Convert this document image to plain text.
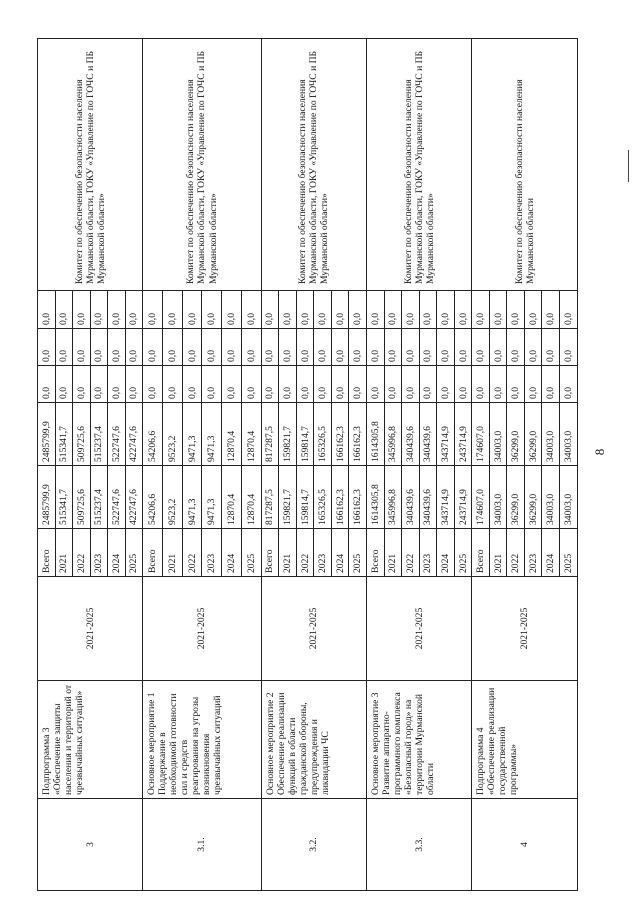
8
3	Подпрограмма 3 «Обеспечение защиты населения и территорий от чрезвычайных ситуаций»	2021-2025	Всего	2485799,9	2485799,9	0,0	0,0	0,0	Комитет по обеспечению безопасности населения Мурманской области, ГОКУ «Управление по ГОЧС и ПБ Мурманской области»
			2021	515341,7	515341,7	0,0	0,0	0,0	
			2022	509725,6	509725,6	0,0	0,0	0,0	
			2023	515237,4	515237,4	0,0	0,0	0,0	
			2024	522747,6	522747,6	0,0	0,0	0,0	
			2025	422747,6	422747,6	0,0	0,0	0,0	
3.1.	Основное мероприятие 1 Поддержание в необходимой готовности сил и средств реагирования на угрозы возникновения чрезвычайных ситуаций	2021-2025	Всего	54206,6	54206,6	0,0	0,0	0,0	Комитет по обеспечению безопасности населения Мурманской области, ГОКУ «Управление по ГОЧС и ПБ Мурманской области»
			2021	9523,2	9523,2	0,0	0,0	0,0	
			2022	9471,3	9471,3	0,0	0,0	0,0	
			2023	9471,3	9471,3	0,0	0,0	0,0	
			2024	12870,4	12870,4	0,0	0,0	0,0	
			2025	12870,4	12870,4	0,0	0,0	0,0	
3.2.	Основное мероприятие 2 Обеспечение реализации функций в области гражданской обороны, предупреждения и ликвидации ЧС	2021-2025	Всего	817287,5	817287,5	0,0	0,0	0,0	Комитет по обеспечению безопасности населения Мурманской области, ГОКУ «Управление по ГОЧС и ПБ Мурманской области»
			2021	159821,7	159821,7	0,0	0,0	0,0	
			2022	159814,7	159814,7	0,0	0,0	0,0	
			2023	165326,5	165326,5	0,0	0,0	0,0	
			2024	166162,3	166162,3	0,0	0,0	0,0	
			2025	166162,3	166162,3	0,0	0,0	0,0	
3.3.	Основное мероприятие 3 Развитие аппаратно-программного комплекса «Безопасный город» на территории Мурманской области	2021-2025	Всего	1614305,8	1614305,8	0,0	0,0	0,0	Комитет по обеспечению безопасности населения Мурманской области, ГОКУ «Управление по ГОЧС и ПБ Мурманской области»
			2021	345996,8	345996,8	0,0	0,0	0,0	
			2022	340439,6	340439,6	0,0	0,0	0,0	
			2023	340439,6	340439,6	0,0	0,0	0,0	
			2024	343714,9	343714,9	0,0	0,0	0,0	
			2025	243714,9	243714,9	0,0	0,0	0,0	
4	Подпрограмма 4 «Обеспечение реализации государственной программы»	2021-2025	Всего	174607,0	174607,0	0,0	0,0	0,0	Комитет по обеспечению безопасности населения Мурманской области
			2021	34003,0	34003,0	0,0	0,0	0,0	
			2022	36299,0	36299,0	0,0	0,0	0,0	
			2023	36299,0	36299,0	0,0	0,0	0,0	
			2024	34003,0	34003,0	0,0	0,0	0,0	
			2025	34003,0	34003,0	0,0	0,0	0,0	
